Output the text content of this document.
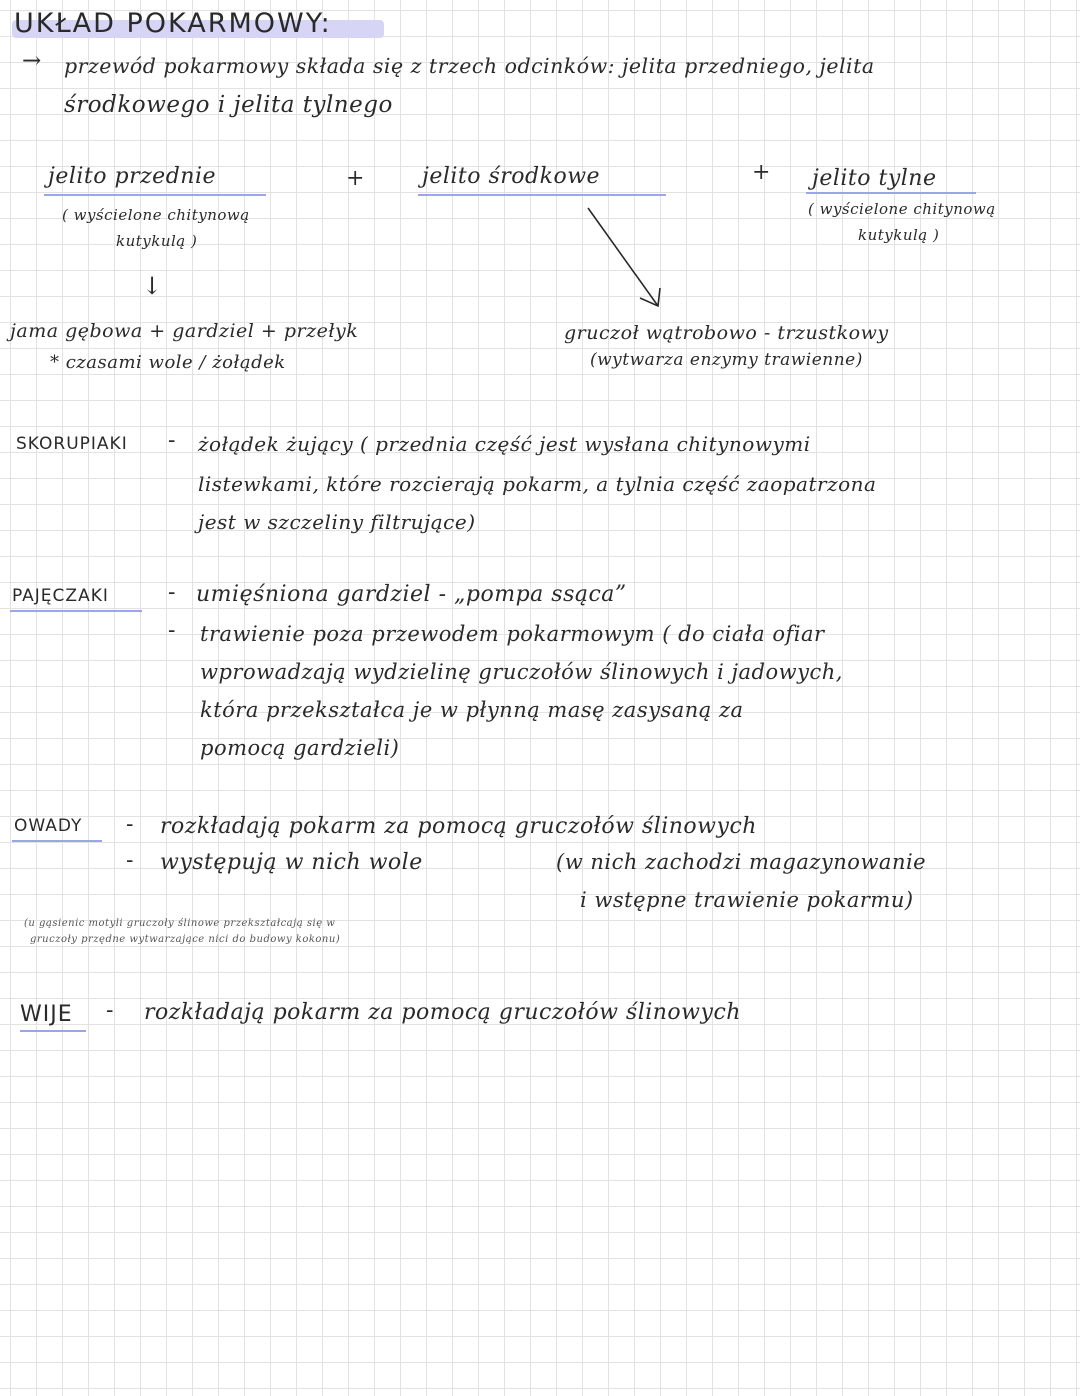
UKŁAD POKARMOWY:
→ przewód pokarmowy składa się z trzech odcinków: jelita przedniego, jelita
środkowego i jelita tylnego
jelito przednie	+	jelito środkowe	+ jelito tylne
( wyścielone chitynową
kutykulą )
( wyścielone chitynową
kutykulą )
↓
jama gębowa + gardziel + przełyk
* czasami wole / żołądek
gruczoł wątrobowo - trzustkowy
(wytwarza enzymy trawienne)
SKORUPIAKI - żołądek żujący ( przednia część jest wysłana chitynowymi
listewkami, które rozcierają pokarm, a tylnia część zaopatrzona
jest w szczeliny filtrujące)
PAJĘCZAKI	- umięśniona gardziel - „pompa ssąca”
- trawienie poza przewodem pokarmowym ( do ciała ofiar
wprowadzają wydzielinę gruczołów ślinowych i jadowych,
która przekształca je w płynną masę zasysaną za
pomocą gardzieli)
OWADY - rozkładają pokarm za pomocą gruczołów ślinowych
- występują w nich wole	(w nich zachodzi magazynowanie
i wstępne trawienie pokarmu)
(u gąsienic motyli gruczoły ślinowe przekształcają się w
gruczoły przędne wytwarzające nici do budowy kokonu)
WIJE - rozkładają pokarm za pomocą gruczołów ślinowych
